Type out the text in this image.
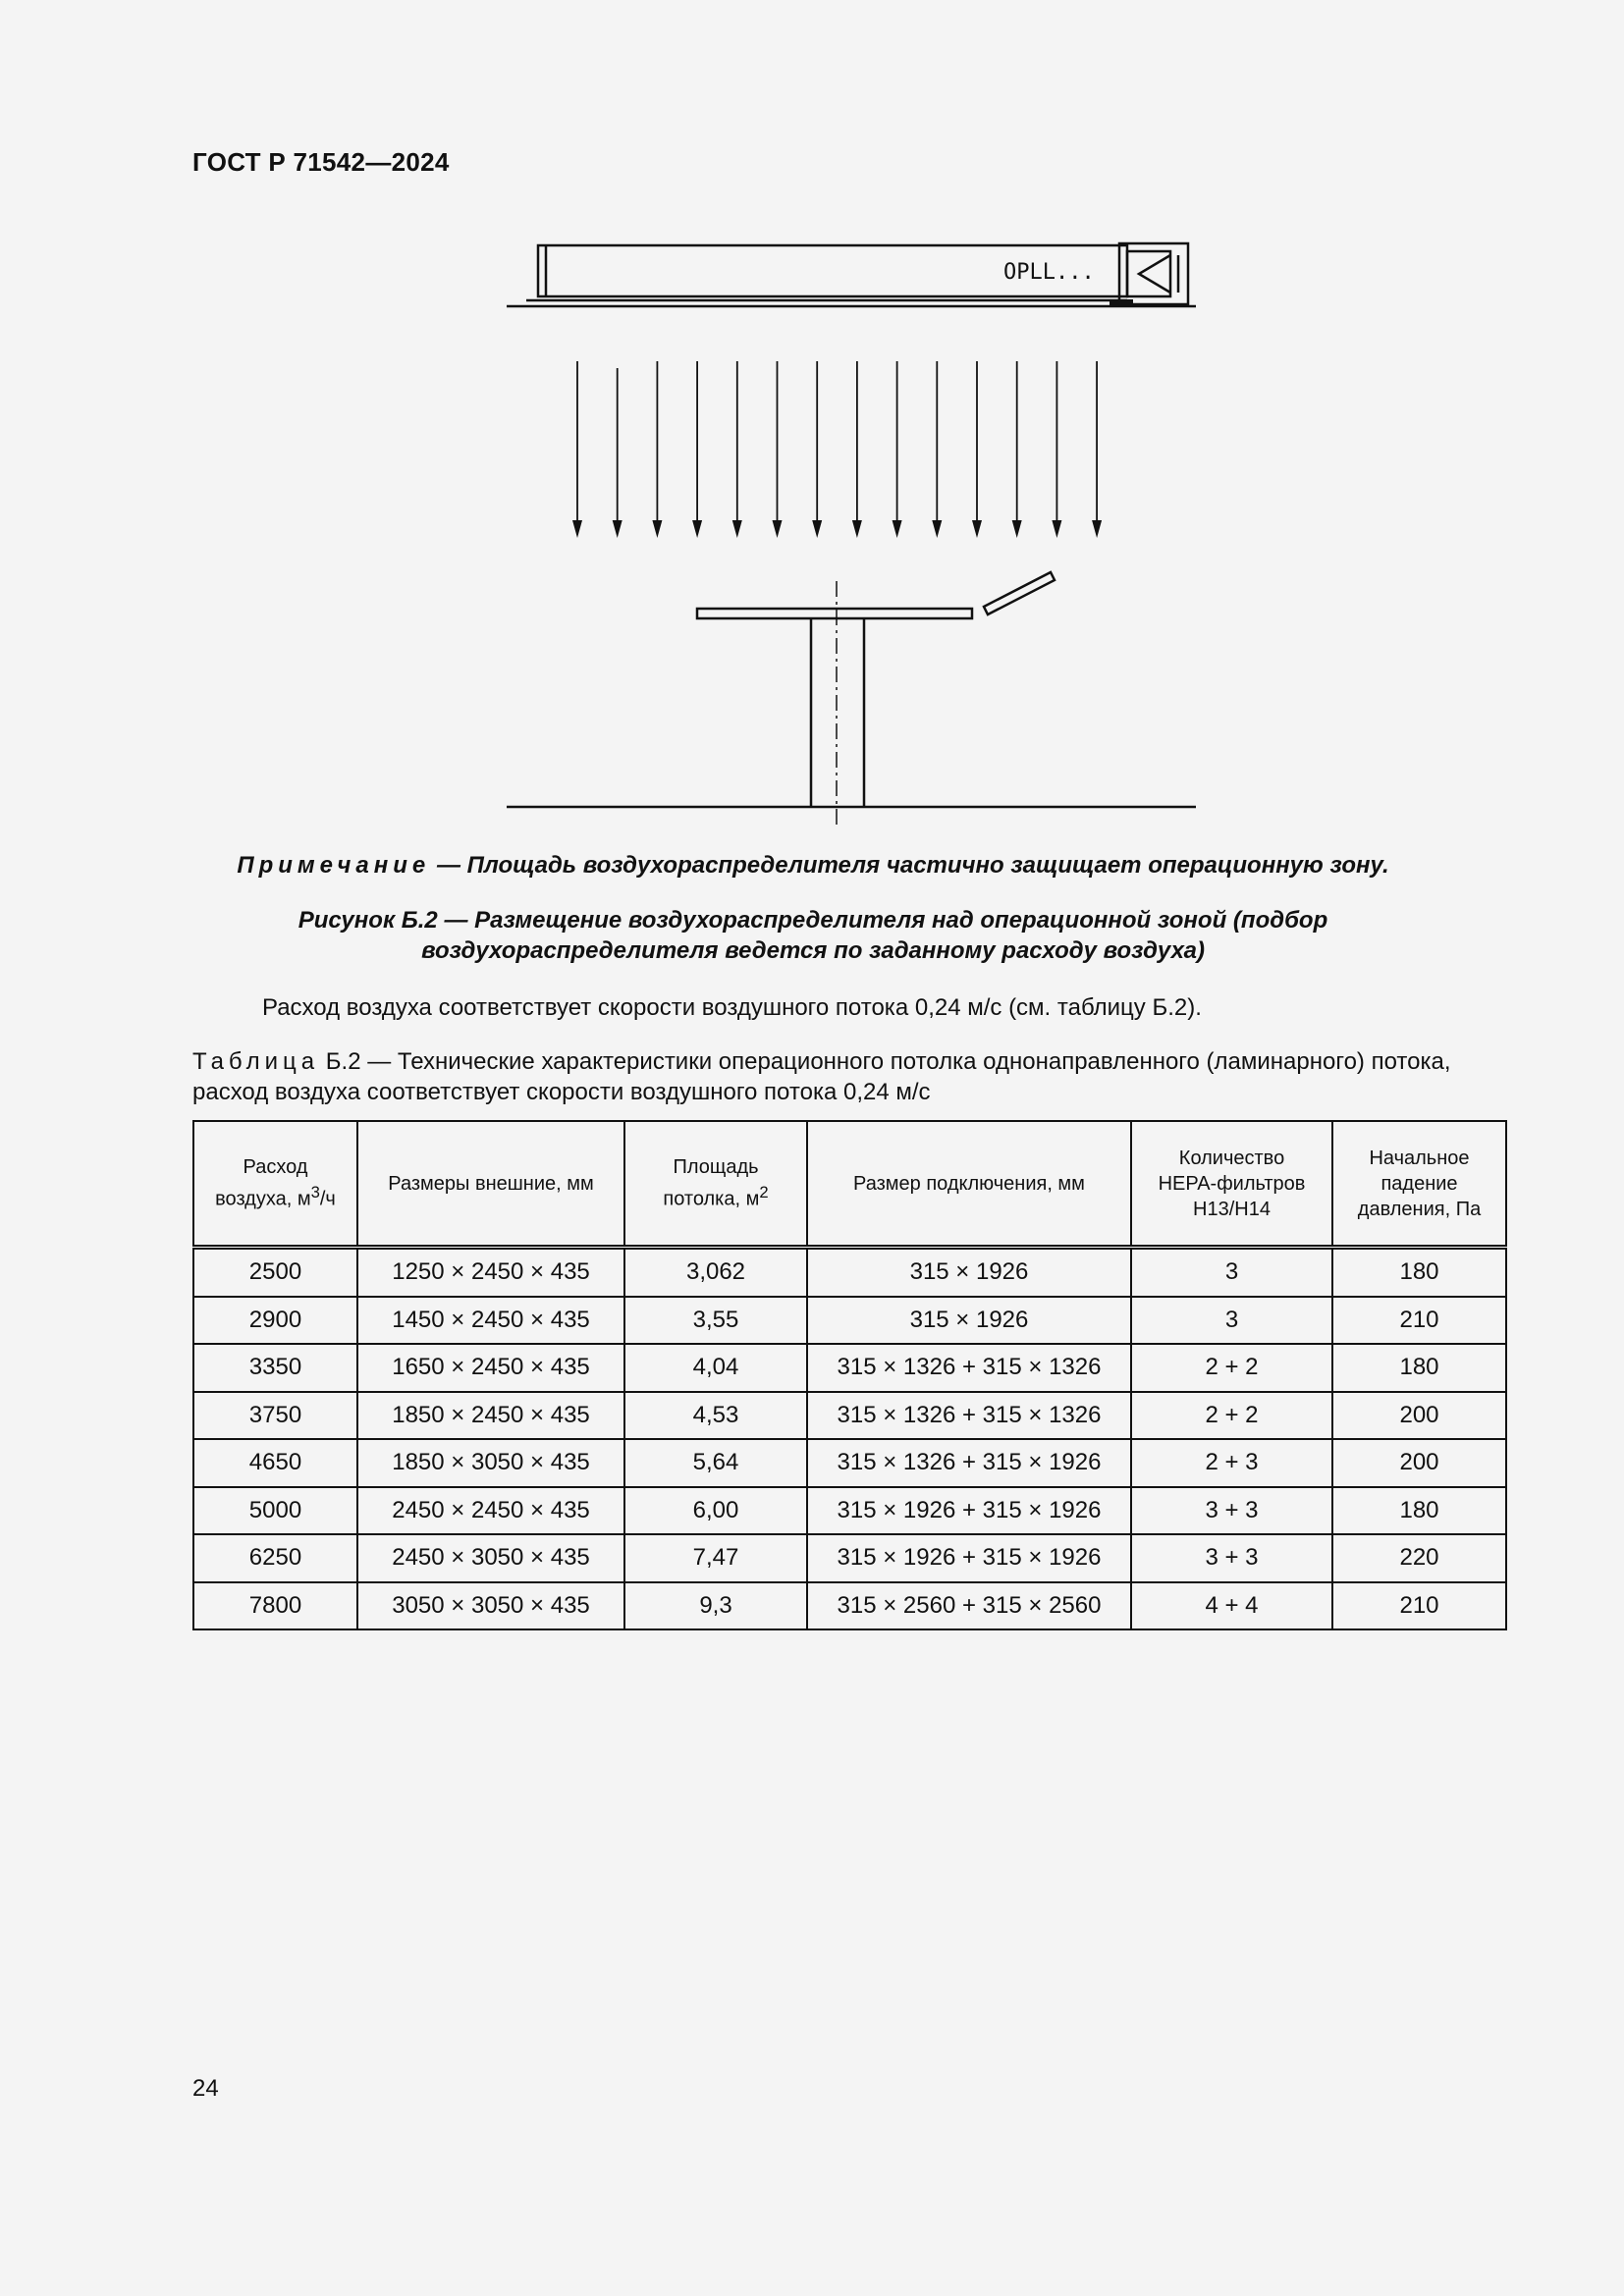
ГОСТ Р 71542—2024
OPLL...
Примечание — Площадь воздухораспределителя частично защищает операционную зону.
Рисунок Б.2 — Размещение воздухораспределителя над операционной зоной (подбор
воздухораспределителя ведется по заданному расходу воздуха)
Расход воздуха соответствует скорости воздушного потока 0,24 м/с (см. таблицу Б.2).
Таблица Б.2 — Технические характеристики операционного потолка однонаправленного (ламинарного) потока,
расход воздуха соответствует скорости воздушного потока 0,24 м/с
Расход
воздуха, $м^3/ч$	Размеры внешние, мм	Площадь
потолка, $м^2$	Размер подключения, мм	Количество
HEPA-фильтров
H13/H14	Начальное
падение
давления, Па
2500	1250 × 2450 × 435	3,062	315 × 1926	3	180
2900	1450 × 2450 × 435	3,55	315 × 1926	3	210
3350	1650 × 2450 × 435	4,04	315 × 1326 + 315 × 1326	2 + 2	180
3750	1850 × 2450 × 435	4,53	315 × 1326 + 315 × 1326	2 + 2	200
4650	1850 × 3050 × 435	5,64	315 × 1326 + 315 × 1926	2 + 3	200
5000	2450 × 2450 × 435	6,00	315 × 1926 + 315 × 1926	3 + 3	180
6250	2450 × 3050 × 435	7,47	315 × 1926 + 315 × 1926	3 + 3	220
7800	3050 × 3050 × 435	9,3	315 × 2560 + 315 × 2560	4 + 4	210
24
